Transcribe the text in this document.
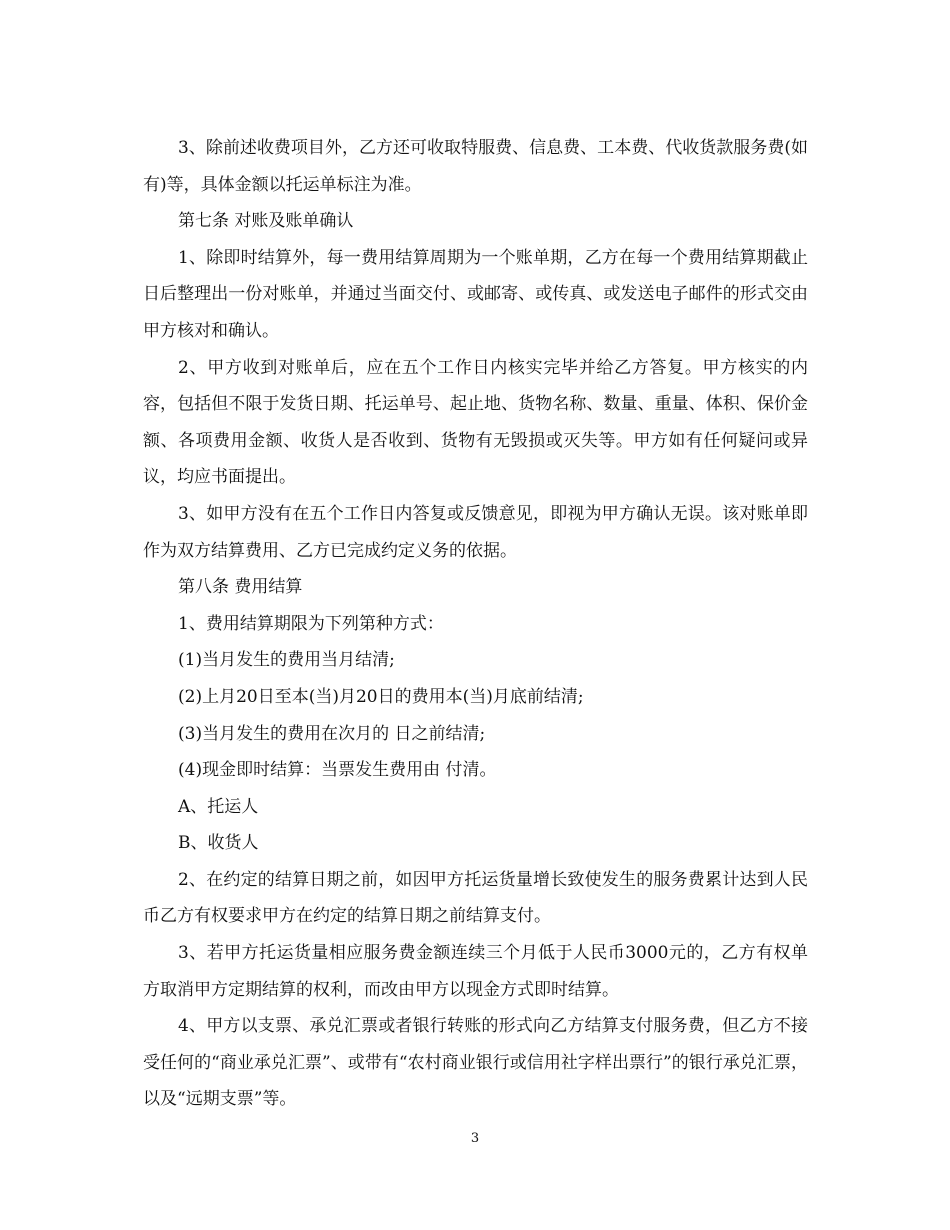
3、除前述收费项目外，乙方还可收取特服费、信息费、工本费、代收货款服务费(如有)等，具体金额以托运单标注为准。

第七条 对账及账单确认

1、除即时结算外，每一费用结算周期为一个账单期，乙方在每一个费用结算期截止日后整理出一份对账单，并通过当面交付、或邮寄、或传真、或发送电子邮件的形式交由甲方核对和确认。

2、甲方收到对账单后，应在五个工作日内核实完毕并给乙方答复。甲方核实的内容，包括但不限于发货日期、托运单号、起止地、货物名称、数量、重量、体积、保价金额、各项费用金额、收货人是否收到、货物有无毁损或灭失等。甲方如有任何疑问或异议，均应书面提出。

3、如甲方没有在五个工作日内答复或反馈意见，即视为甲方确认无误。该对账单即作为双方结算费用、乙方已完成约定义务的依据。

第八条 费用结算

1、费用结算期限为下列第种方式：

(1)当月发生的费用当月结清;

(2)上月20日至本(当)月20日的费用本(当)月底前结清;

(3)当月发生的费用在次月的 日之前结清;

(4)现金即时结算：当票发生费用由 付清。

A、托运人

B、收货人

2、在约定的结算日期之前，如因甲方托运货量增长致使发生的服务费累计达到人民币乙方有权要求甲方在约定的结算日期之前结算支付。

3、若甲方托运货量相应服务费金额连续三个月低于人民币3000元的，乙方有权单方取消甲方定期结算的权利，而改由甲方以现金方式即时结算。

4、甲方以支票、承兑汇票或者银行转账的形式向乙方结算支付服务费，但乙方不接受任何的“商业承兑汇票”、或带有“农村商业银行或信用社字样出票行”的银行承兑汇票，以及“远期支票”等。

3
